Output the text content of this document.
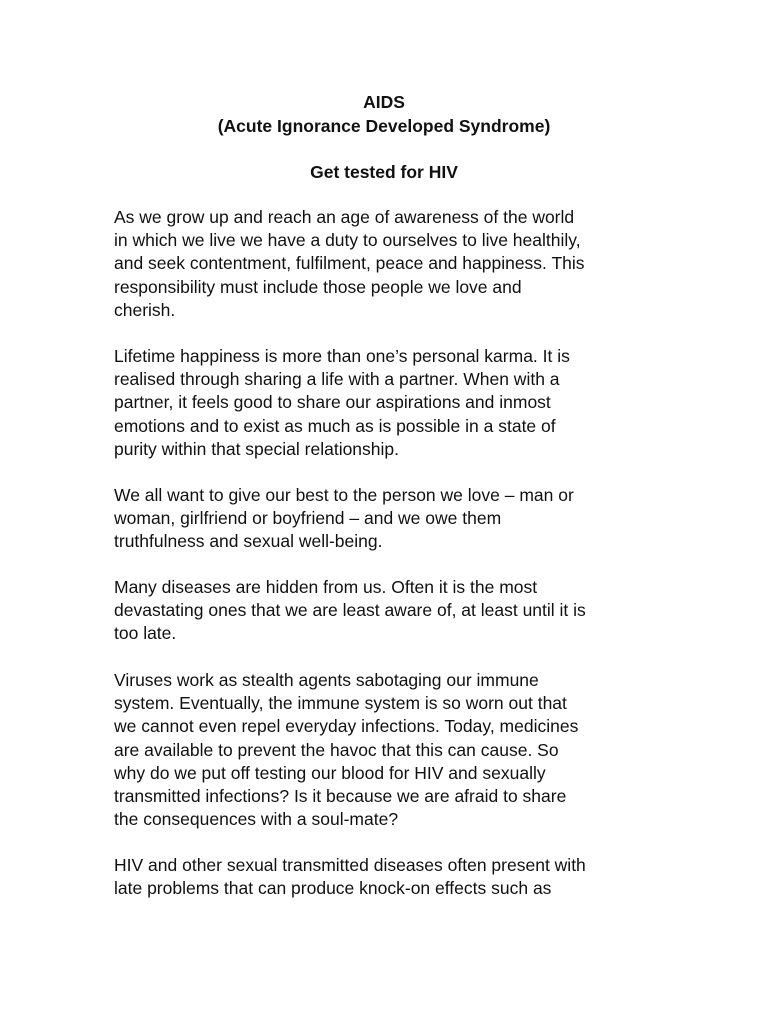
AIDS
(Acute Ignorance Developed Syndrome)
Get tested for HIV
As we grow up and reach an age of awareness of the world
in which we live we have a duty to ourselves to live healthily,
and seek contentment, fulfilment, peace and happiness. This
responsibility must include those people we love and
cherish.
Lifetime happiness is more than one’s personal karma. It is
realised through sharing a life with a partner. When with a
partner, it feels good to share our aspirations and inmost
emotions and to exist as much as is possible in a state of
purity within that special relationship.
We all want to give our best to the person we love – man or
woman, girlfriend or boyfriend – and we owe them
truthfulness and sexual well-being.
Many diseases are hidden from us. Often it is the most
devastating ones that we are least aware of, at least until it is
too late.
Viruses work as stealth agents sabotaging our immune
system. Eventually, the immune system is so worn out that
we cannot even repel everyday infections. Today, medicines
are available to prevent the havoc that this can cause. So
why do we put off testing our blood for HIV and sexually
transmitted infections? Is it because we are afraid to share
the consequences with a soul-mate?
HIV and other sexual transmitted diseases often present with
late problems that can produce knock-on effects such as
